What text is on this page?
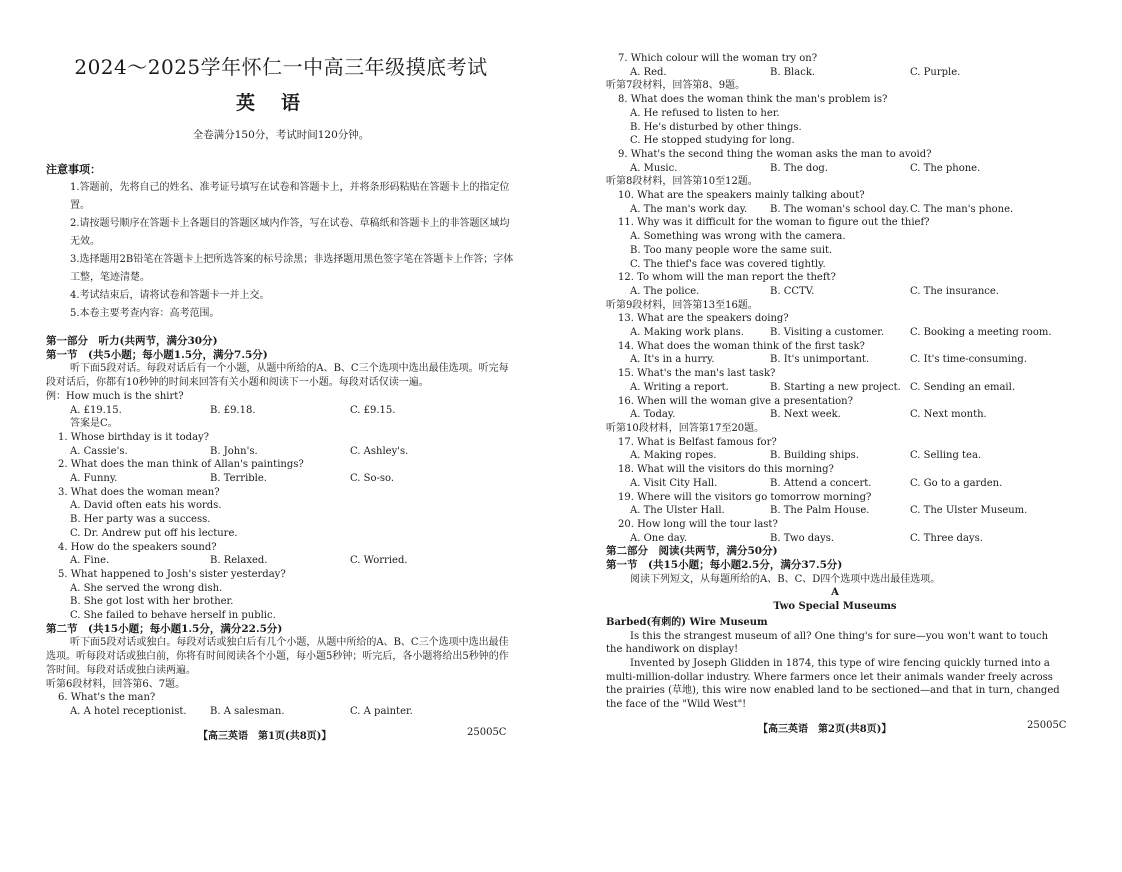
2024～2025学年怀仁一中高三年级摸底考试
英语
全卷满分150分，考试时间120分钟。
注意事项：

1.答题前，先将自己的姓名、准考证号填写在试卷和答题卡上，并将条形码粘贴在答题卡上的指定位置。

2.请按题号顺序在答题卡上各题目的答题区域内作答，写在试卷、草稿纸和答题卡上的非答题区域均无效。

3.选择题用2B铅笔在答题卡上把所选答案的标号涂黑；非选择题用黑色签字笔在答题卡上作答；字体工整，笔迹清楚。

4.考试结束后，请将试卷和答题卡一并上交。

5.本卷主要考查内容：高考范围。

第一部分　听力(共两节，满分30分)
第一节　(共5小题；每小题1.5分，满分7.5分)
听下面5段对话。每段对话后有一个小题，从题中所给的A、B、C三个选项中选出最佳选项。听完每段对话后，你都有10秒钟的时间来回答有关小题和阅读下一小题。每段对话仅读一遍。
例：How much is the shirt?
A. £19.15.	B. £9.18.	C. £9.15.
答案是C。
1. Whose birthday is it today?
A. Cassie's.	B. John's.	C. Ashley's.
2. What does the man think of Allan's paintings?
A. Funny.	B. Terrible.	C. So-so.
3. What does the woman mean?
A. David often eats his words.
B. Her party was a success.
C. Dr. Andrew put off his lecture.
4. How do the speakers sound?
A. Fine.	B. Relaxed.	C. Worried.
5. What happened to Josh's sister yesterday?
A. She served the wrong dish.
B. She got lost with her brother.
C. She failed to behave herself in public.
第二节　(共15小题；每小题1.5分，满分22.5分)
听下面5段对话或独白。每段对话或独白后有几个小题，从题中所给的A、B、C三个选项中选出最佳选项。听每段对话或独白前，你将有时间阅读各个小题，每小题5秒钟；听完后，各小题将给出5秒钟的作答时间。每段对话或独白读两遍。
听第6段材料，回答第6、7题。
6. What's the man?
A. A hotel receptionist.	B. A salesman.	C. A painter.
【高三英语　第1页(共8页)】	25005C
7. Which colour will the woman try on?
A. Red.	B. Black.	C. Purple.
听第7段材料，回答第8、9题。
8. What does the woman think the man's problem is?
A. He refused to listen to her.
B. He's disturbed by other things.
C. He stopped studying for long.
9. What's the second thing the woman asks the man to avoid?
A. Music.	B. The dog.	C. The phone.
听第8段材料，回答第10至12题。
10. What are the speakers mainly talking about?
A. The man's work day.	B. The woman's school day. C. The man's phone.
11. Why was it difficult for the woman to figure out the thief?
A. Something was wrong with the camera.
B. Too many people wore the same suit.
C. The thief's face was covered tightly.
12. To whom will the man report the theft?
A. The police.	B. CCTV.	C. The insurance.
听第9段材料，回答第13至16题。
13. What are the speakers doing?
A. Making work plans.	B. Visiting a customer.	C. Booking a meeting room.
14. What does the woman think of the first task?
A. It's in a hurry.	B. It's unimportant.	C. It's time-consuming.
15. What's the man's last task?
A. Writing a report.	B. Starting a new project. C. Sending an email.
16. When will the woman give a presentation?
A. Today.	B. Next week.	C. Next month.
听第10段材料，回答第17至20题。
17. What is Belfast famous for?
A. Making ropes.	B. Building ships.	C. Selling tea.
18. What will the visitors do this morning?
A. Visit City Hall.	B. Attend a concert.	C. Go to a garden.
19. Where will the visitors go tomorrow morning?
A. The Ulster Hall.	B. The Palm House.	C. The Ulster Museum.
20. How long will the tour last?
A. One day.	B. Two days.	C. Three days.
第二部分　阅读(共两节，满分50分)
第一节　(共15小题；每小题2.5分，满分37.5分)
阅读下列短文，从每题所给的A、B、C、D四个选项中选出最佳选项。
A
Two Special Museums
Barbed(有刺的) Wire Museum
Is this the strangest museum of all? One thing's for sure—you won't want to touch the handiwork on display!
Invented by Joseph Glidden in 1874, this type of wire fencing quickly turned into a multi-million-dollar industry. Where farmers once let their animals wander freely across the prairies (草地), this wire now enabled land to be sectioned—and that in turn, changed the face of the "Wild West"!
【高三英语　第2页(共8页)】	25005C
